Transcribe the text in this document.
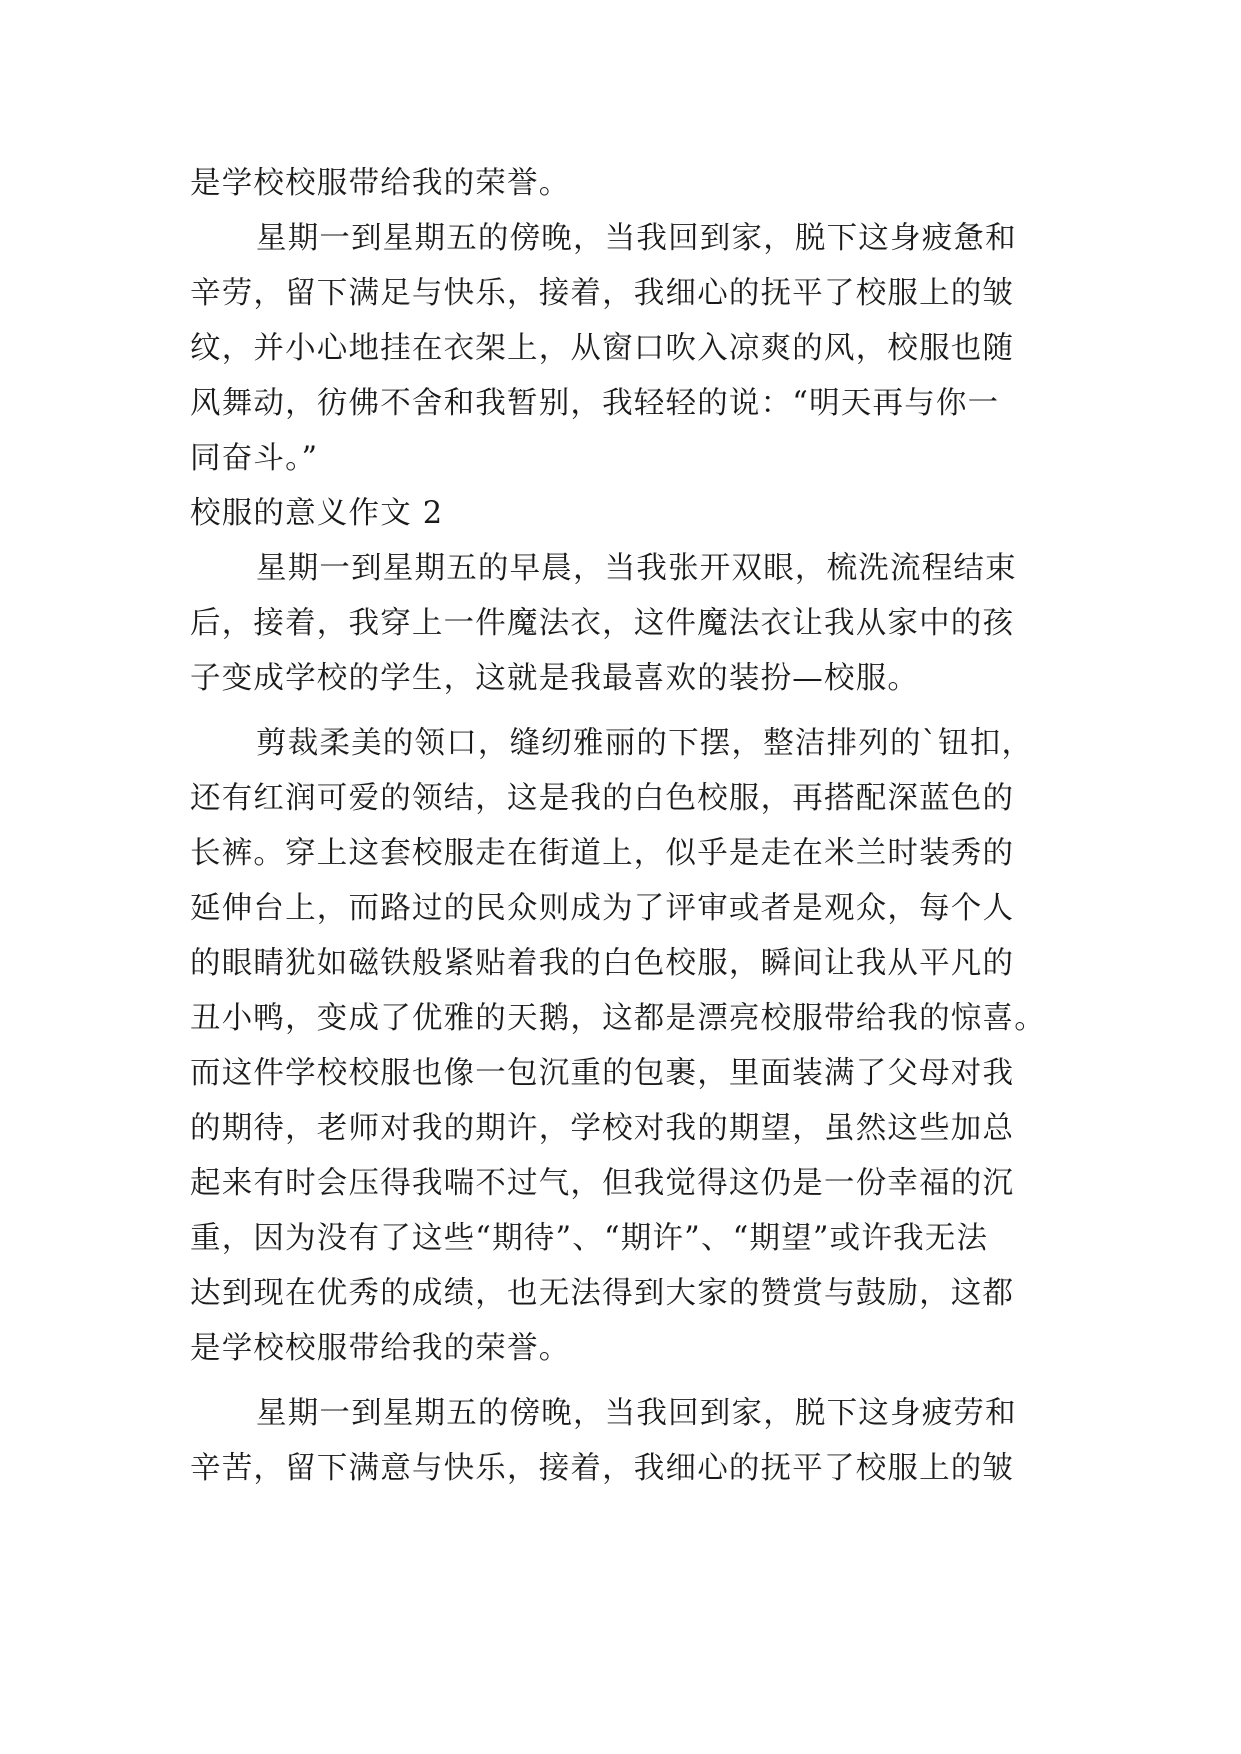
是学校校服带给我的荣誉。
星期一到星期五的傍晚，当我回到家，脱下这身疲惫和
辛劳，留下满足与快乐，接着，我细心的抚平了校服上的皱
纹，并小心地挂在衣架上，从窗口吹入凉爽的风，校服也随
风舞动，彷佛不舍和我暂别，我轻轻的说：“明天再与你一
同奋斗。”
校服的意义作文 2
星期一到星期五的早晨，当我张开双眼，梳洗流程结束
后，接着，我穿上一件魔法衣，这件魔法衣让我从家中的孩
子变成学校的学生，这就是我最喜欢的装扮—校服。
剪裁柔美的领口，缝纫雅丽的下摆，整洁排列的`钮扣，
还有红润可爱的领结，这是我的白色校服，再搭配深蓝色的
长裤。穿上这套校服走在街道上，似乎是走在米兰时装秀的
延伸台上，而路过的民众则成为了评审或者是观众，每个人
的眼睛犹如磁铁般紧贴着我的白色校服，瞬间让我从平凡的
丑小鸭，变成了优雅的天鹅，这都是漂亮校服带给我的惊喜。
而这件学校校服也像一包沉重的包裹，里面装满了父母对我
的期待，老师对我的期许，学校对我的期望，虽然这些加总
起来有时会压得我喘不过气，但我觉得这仍是一份幸福的沉
重，因为没有了这些“期待”、“期许”、“期望”或许我无法
达到现在优秀的成绩，也无法得到大家的赞赏与鼓励，这都
是学校校服带给我的荣誉。
星期一到星期五的傍晚，当我回到家，脱下这身疲劳和
辛苦，留下满意与快乐，接着，我细心的抚平了校服上的皱
